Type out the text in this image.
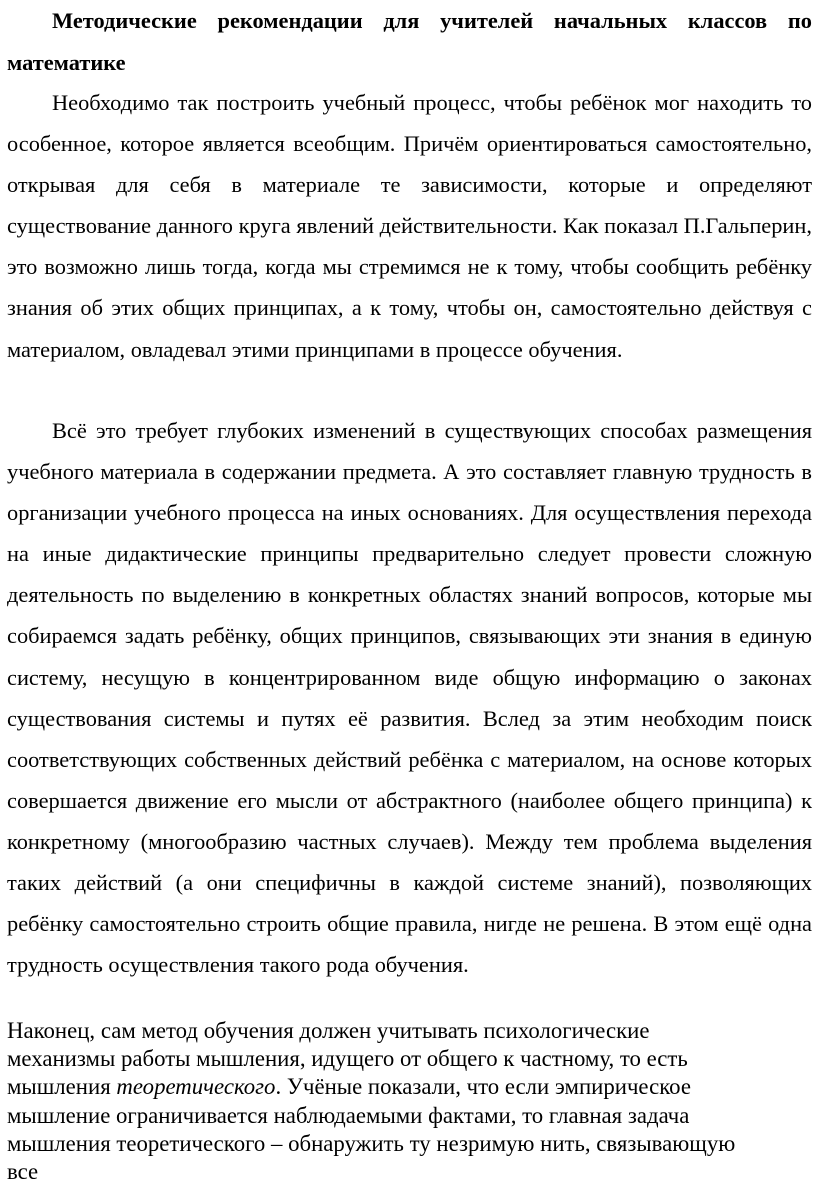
Методические рекомендации для учителей начальных классов по математике
Необходимо так построить учебный процесс, чтобы ребёнок мог находить то особенное, которое является всеобщим. Причём ориентироваться самостоятельно, открывая для себя в материале те зависимости, которые и определяют существование данного круга явлений действительности. Как показал П.Гальперин, это возможно лишь тогда, когда мы стремимся не к тому, чтобы сообщить ребёнку знания об этих общих принципах, а к тому, чтобы он, самостоятельно действуя с материалом, овладевал этими принципами в процессе обучения.
Всё это требует глубоких изменений в существующих способах размещения учебного материала в содержании предмета. А это составляет главную трудность в организации учебного процесса на иных основаниях. Для осуществления перехода на иные дидактические принципы предварительно следует провести сложную деятельность по выделению в конкретных областях знаний вопросов, которые мы собираемся задать ребёнку, общих принципов, связывающих эти знания в единую систему, несущую в концентрированном виде общую информацию о законах существования системы и путях её развития. Вслед за этим необходим поиск соответствующих собственных действий ребёнка с материалом, на основе которых совершается движение его мысли от абстрактного (наиболее общего принципа) к конкретному (многообразию частных случаев). Между тем проблема выделения таких действий (а они специфичны в каждой системе знаний), позволяющих ребёнку самостоятельно строить общие правила, нигде не решена. В этом ещё одна трудность осуществления такого рода обучения.
Наконец, сам метод обучения должен учитывать психологические механизмы работы мышления, идущего от общего к частному, то есть мышления теоретического. Учёные показали, что если эмпирическое мышление ограничивается наблюдаемыми фактами, то главная задача мышления теоретического – обнаружить ту незримую нить, связывающую все
